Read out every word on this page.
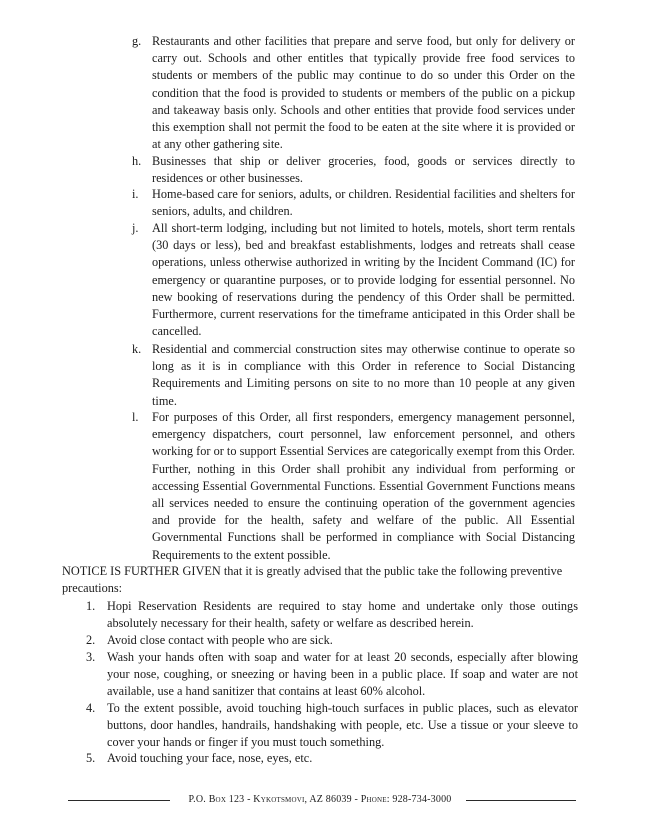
g. Restaurants and other facilities that prepare and serve food, but only for delivery or carry out. Schools and other entitles that typically provide free food services to students or members of the public may continue to do so under this Order on the condition that the food is provided to students or members of the public on a pickup and takeaway basis only. Schools and other entities that provide food services under this exemption shall not permit the food to be eaten at the site where it is provided or at any other gathering site.
h. Businesses that ship or deliver groceries, food, goods or services directly to residences or other businesses.
i. Home-based care for seniors, adults, or children. Residential facilities and shelters for seniors, adults, and children.
j. All short-term lodging, including but not limited to hotels, motels, short term rentals (30 days or less), bed and breakfast establishments, lodges and retreats shall cease operations, unless otherwise authorized in writing by the Incident Command (IC) for emergency or quarantine purposes, or to provide lodging for essential personnel. No new booking of reservations during the pendency of this Order shall be permitted. Furthermore, current reservations for the timeframe anticipated in this Order shall be cancelled.
k. Residential and commercial construction sites may otherwise continue to operate so long as it is in compliance with this Order in reference to Social Distancing Requirements and Limiting persons on site to no more than 10 people at any given time.
l. For purposes of this Order, all first responders, emergency management personnel, emergency dispatchers, court personnel, law enforcement personnel, and others working for or to support Essential Services are categorically exempt from this Order. Further, nothing in this Order shall prohibit any individual from performing or accessing Essential Governmental Functions. Essential Government Functions means all services needed to ensure the continuing operation of the government agencies and provide for the health, safety and welfare of the public. All Essential Governmental Functions shall be performed in compliance with Social Distancing Requirements to the extent possible.
NOTICE IS FURTHER GIVEN that it is greatly advised that the public take the following preventive precautions:
1. Hopi Reservation Residents are required to stay home and undertake only those outings absolutely necessary for their health, safety or welfare as described herein.
2. Avoid close contact with people who are sick.
3. Wash your hands often with soap and water for at least 20 seconds, especially after blowing your nose, coughing, or sneezing or having been in a public place. If soap and water are not available, use a hand sanitizer that contains at least 60% alcohol.
4. To the extent possible, avoid touching high-touch surfaces in public places, such as elevator buttons, door handles, handrails, handshaking with people, etc. Use a tissue or your sleeve to cover your hands or finger if you must touch something.
5. Avoid touching your face, nose, eyes, etc.
P.O. Box 123 - Kykotsmovi, AZ 86039 - Phone: 928-734-3000
